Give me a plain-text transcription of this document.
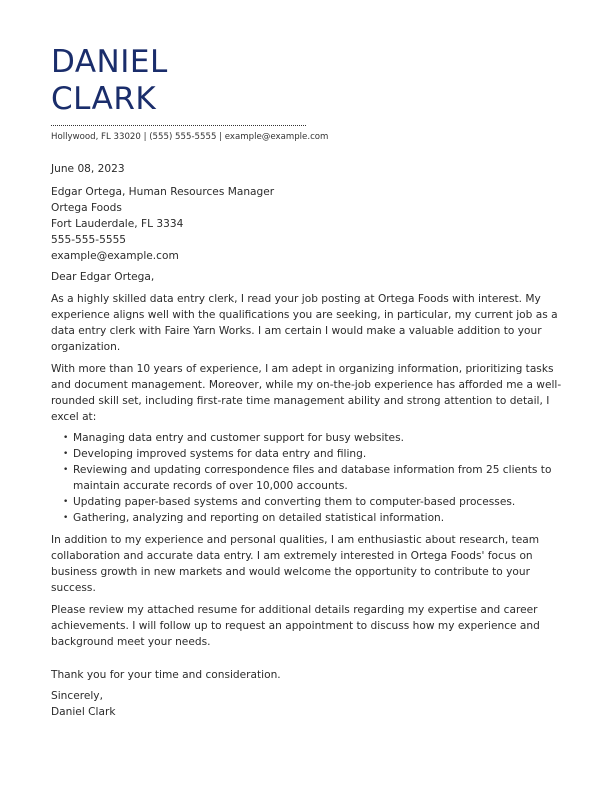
DANIEL
CLARK
Hollywood, FL 33020 | (555) 555-5555 | example@example.com
June 08, 2023
Edgar Ortega, Human Resources Manager
Ortega Foods
Fort Lauderdale, FL 3334
555-555-5555
example@example.com
Dear Edgar Ortega,

As a highly skilled data entry clerk, I read your job posting at Ortega Foods with interest. My experience aligns well with the qualifications you are seeking, in particular, my current job as a data entry clerk with Faire Yarn Works. I am certain I would make a valuable addition to your organization.

With more than 10 years of experience, I am adept in organizing information, prioritizing tasks and document management. Moreover, while my on-the-job experience has afforded me a well-rounded skill set, including first-rate time management ability and strong attention to detail, I excel at:

• Managing data entry and customer support for busy websites.
• Developing improved systems for data entry and filing.
• Reviewing and updating correspondence files and database information from 25 clients to maintain accurate records of over 10,000 accounts.
• Updating paper-based systems and converting them to computer-based processes.
• Gathering, analyzing and reporting on detailed statistical information.

In addition to my experience and personal qualities, I am enthusiastic about research, team collaboration and accurate data entry. I am extremely interested in Ortega Foods' focus on business growth in new markets and would welcome the opportunity to contribute to your success.

Please review my attached resume for additional details regarding my expertise and career achievements. I will follow up to request an appointment to discuss how my experience and background meet your needs.

Thank you for your time and consideration.
Sincerely,
Daniel Clark
